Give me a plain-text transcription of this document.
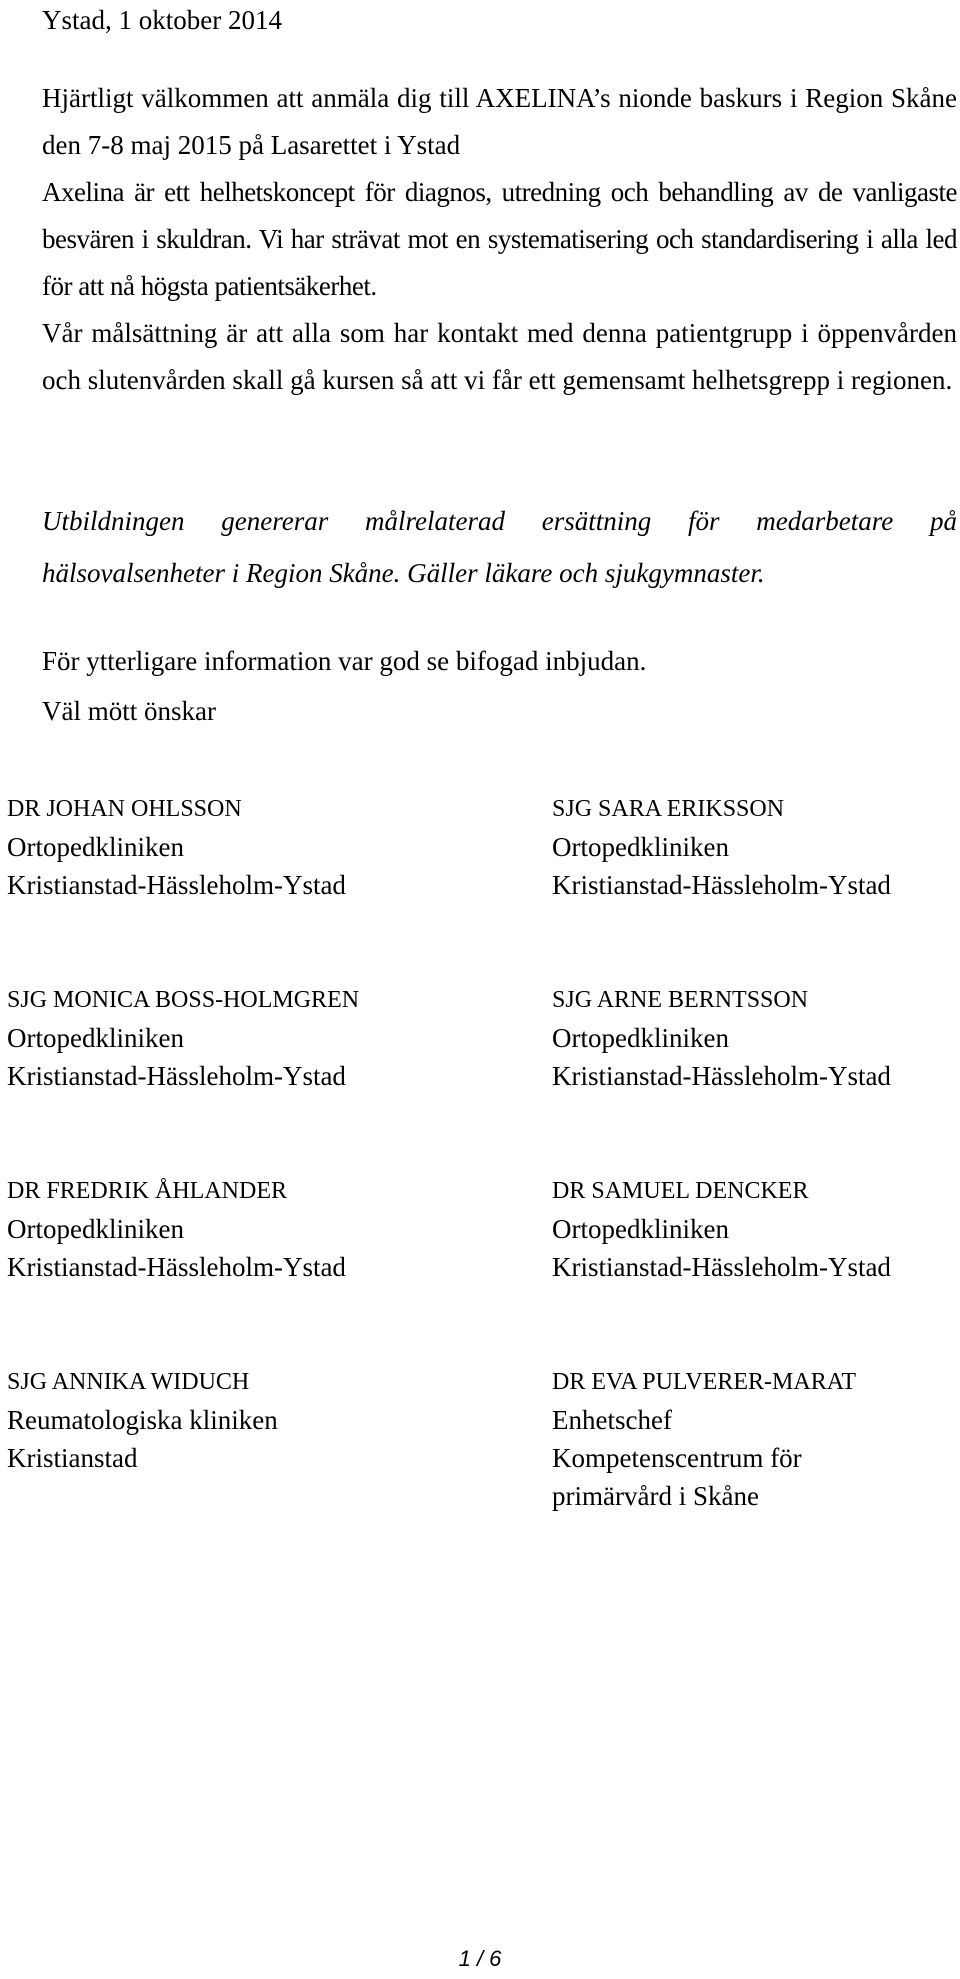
Ystad, 1 oktober 2014

Hjärtligt välkommen att anmäla dig till AXELINA’s nionde baskurs i Region Skåne den 7-8 maj 2015 på Lasarettet i Ystad

Axelina är ett helhetskoncept för diagnos, utredning och behandling av de vanligaste besvären i skuldran. Vi har strävat mot en systematisering och standardisering i alla led för att nå högsta patientsäkerhet.

Vår målsättning är att alla som har kontakt med denna patientgrupp i öppenvården och slutenvården skall gå kursen så att vi får ett gemensamt helhetsgrepp i regionen.

Utbildningen genererar målrelaterad ersättning för medarbetare på hälsovalsenheter i Region Skåne. Gäller läkare och sjukgymnaster.

För ytterligare information var god se bifogad inbjudan.

Väl mött önskar

DR JOHAN OHLSSON
Ortopedkliniken
Kristianstad-Hässleholm-Ystad
SJG SARA ERIKSSON
Ortopedkliniken
Kristianstad-Hässleholm-Ystad
SJG MONICA BOSS-HOLMGREN
Ortopedkliniken
Kristianstad-Hässleholm-Ystad
SJG ARNE BERNTSSON
Ortopedkliniken
Kristianstad-Hässleholm-Ystad
DR FREDRIK ÅHLANDER
Ortopedkliniken
Kristianstad-Hässleholm-Ystad
DR SAMUEL DENCKER
Ortopedkliniken
Kristianstad-Hässleholm-Ystad
SJG ANNIKA WIDUCH
Reumatologiska kliniken
Kristianstad
DR EVA PULVERER-MARAT
Enhetschef
Kompetenscentrum för
primärvård i Skåne
1 / 6
